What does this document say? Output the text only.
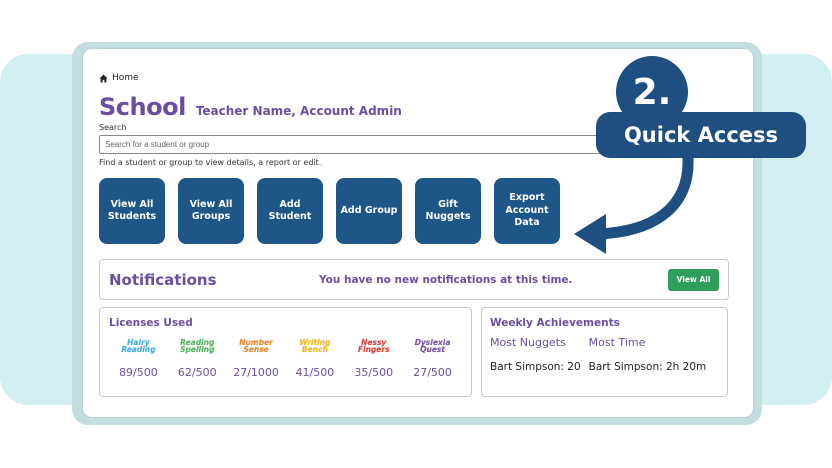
Home
School Teacher Name, Account Admin
Search
Search for a student or group
Find a student or group to view details, a report or edit.
View All Students
View All Groups
Add Student
Add Group
Gift Nuggets
Export Account Data
Notifications	You have no new notifications at this time.	View All
Licenses Used
Hairy Reading
89/500
Reading Spelling
62/500
Number Sense
27/1000
Writing Bench
41/500
Nessy Fingers
35/500
Dyslexia Quest
27/500
Weekly Achievements
Most Nuggets
Bart Simpson: 20
Most Time
Bart Simpson: 2h 20m
2.
Quick Access
